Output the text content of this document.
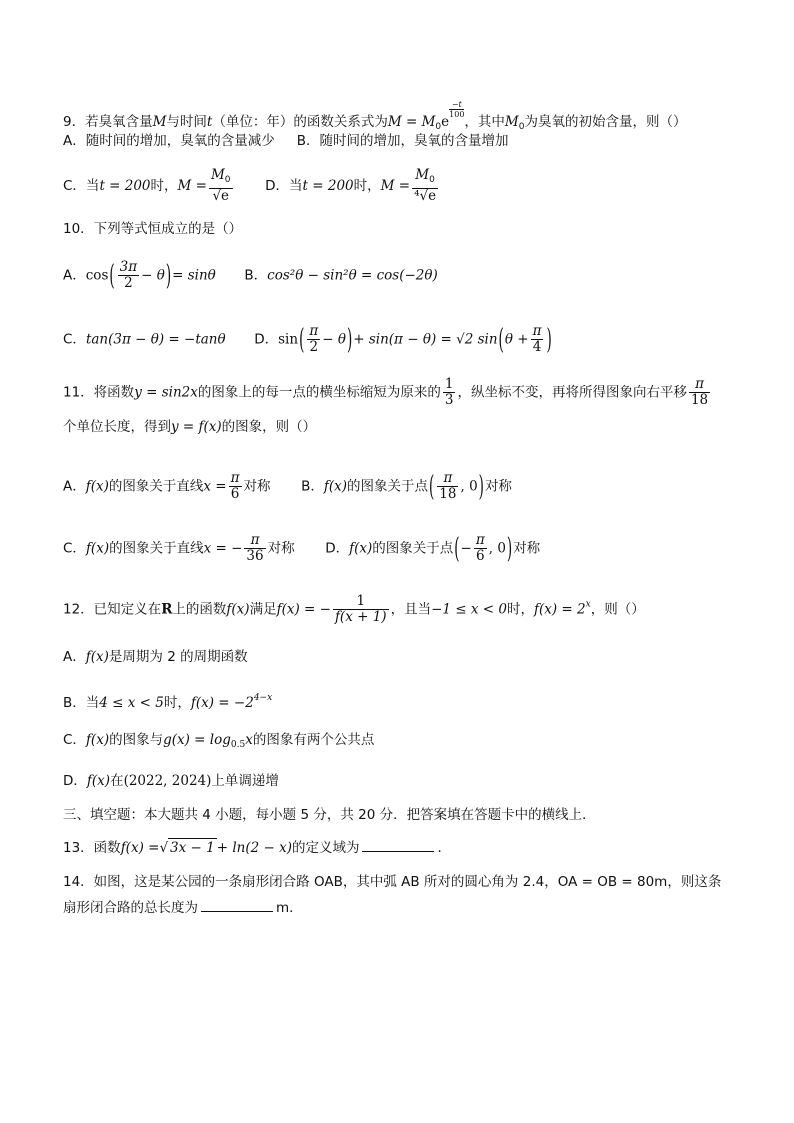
9．若臭氧含量M与时间t（单位：年）的函数关系式为$M = M_0e$
$\frac{-t}{100}$
，其中$M_0$为臭氧的初始含量，则（）
A．随时间的增加，臭氧的含量减少 B．随时间的增加，臭氧的含量增加
C．当t = 200时，$M = \frac{M_0}{√e}$ D．当t = 200时，$M = \frac{M_0}{\text{⁴√e}}$
10．下列等式恒成立的是（）
A．$\cos( \frac{3\pi}{2} - \theta)= \sin\theta$ B．cos²θ − sin²θ = cos(−2θ)
C．tan(3π − θ) = −tanθ D．$\sin( \frac{\pi}{2} - \theta)+ \sin(\pi - \theta) = √2$ $\sin(\theta + \frac{\pi}{4}$ )
11．将函数y = sin2x的图象上的每一点的横坐标缩短为原来的 $\frac{1}{3}$ ，纵坐标不变，再将所得图象向右平移 $\frac{\pi}{18}$
个单位长度，得到y = f(x)的图象，则（）
A．f(x)的图象关于直线$x = \frac{\pi}{6}$ 对称 B．f(x)的图象关于点( $\frac{\pi}{18}$ , 0)对称
C．f(x)的图象关于直线x = − $\frac{\pi}{36}$ 对称 D．f(x)的图象关于点(− $\frac{\pi}{6}$ , 0)对称
12．已知定义在R上的函数f(x)满足f(x) = − $\frac{1}{f(x + 1)}$ ，且当−1 ≤ x < 0时，$f(x) = 2^x$，则（）
A．f(x)是周期为 2 的周期函数
B．当4 ≤ x < 5时，$f(x) = -2^{4-x}$
C．f(x)的图象与$g(x) = \log_{0.5}x$的图象有两个公共点
D．f(x)在(2022, 2024)上单调递增
三、填空题：本大题共 4 小题，每小题 5 分，共 20 分．把答案填在答题卡中的横线上．
13．函数f(x) =√ 3x − 1 + ln(2 − x)的定义域为	．
14．如图，这是某公园的一条扇形闭合路 OAB，其中弧 AB 所对的圆心角为 2.4，OA = OB = 80m，则这条
扇形闭合路的总长度为	m．
